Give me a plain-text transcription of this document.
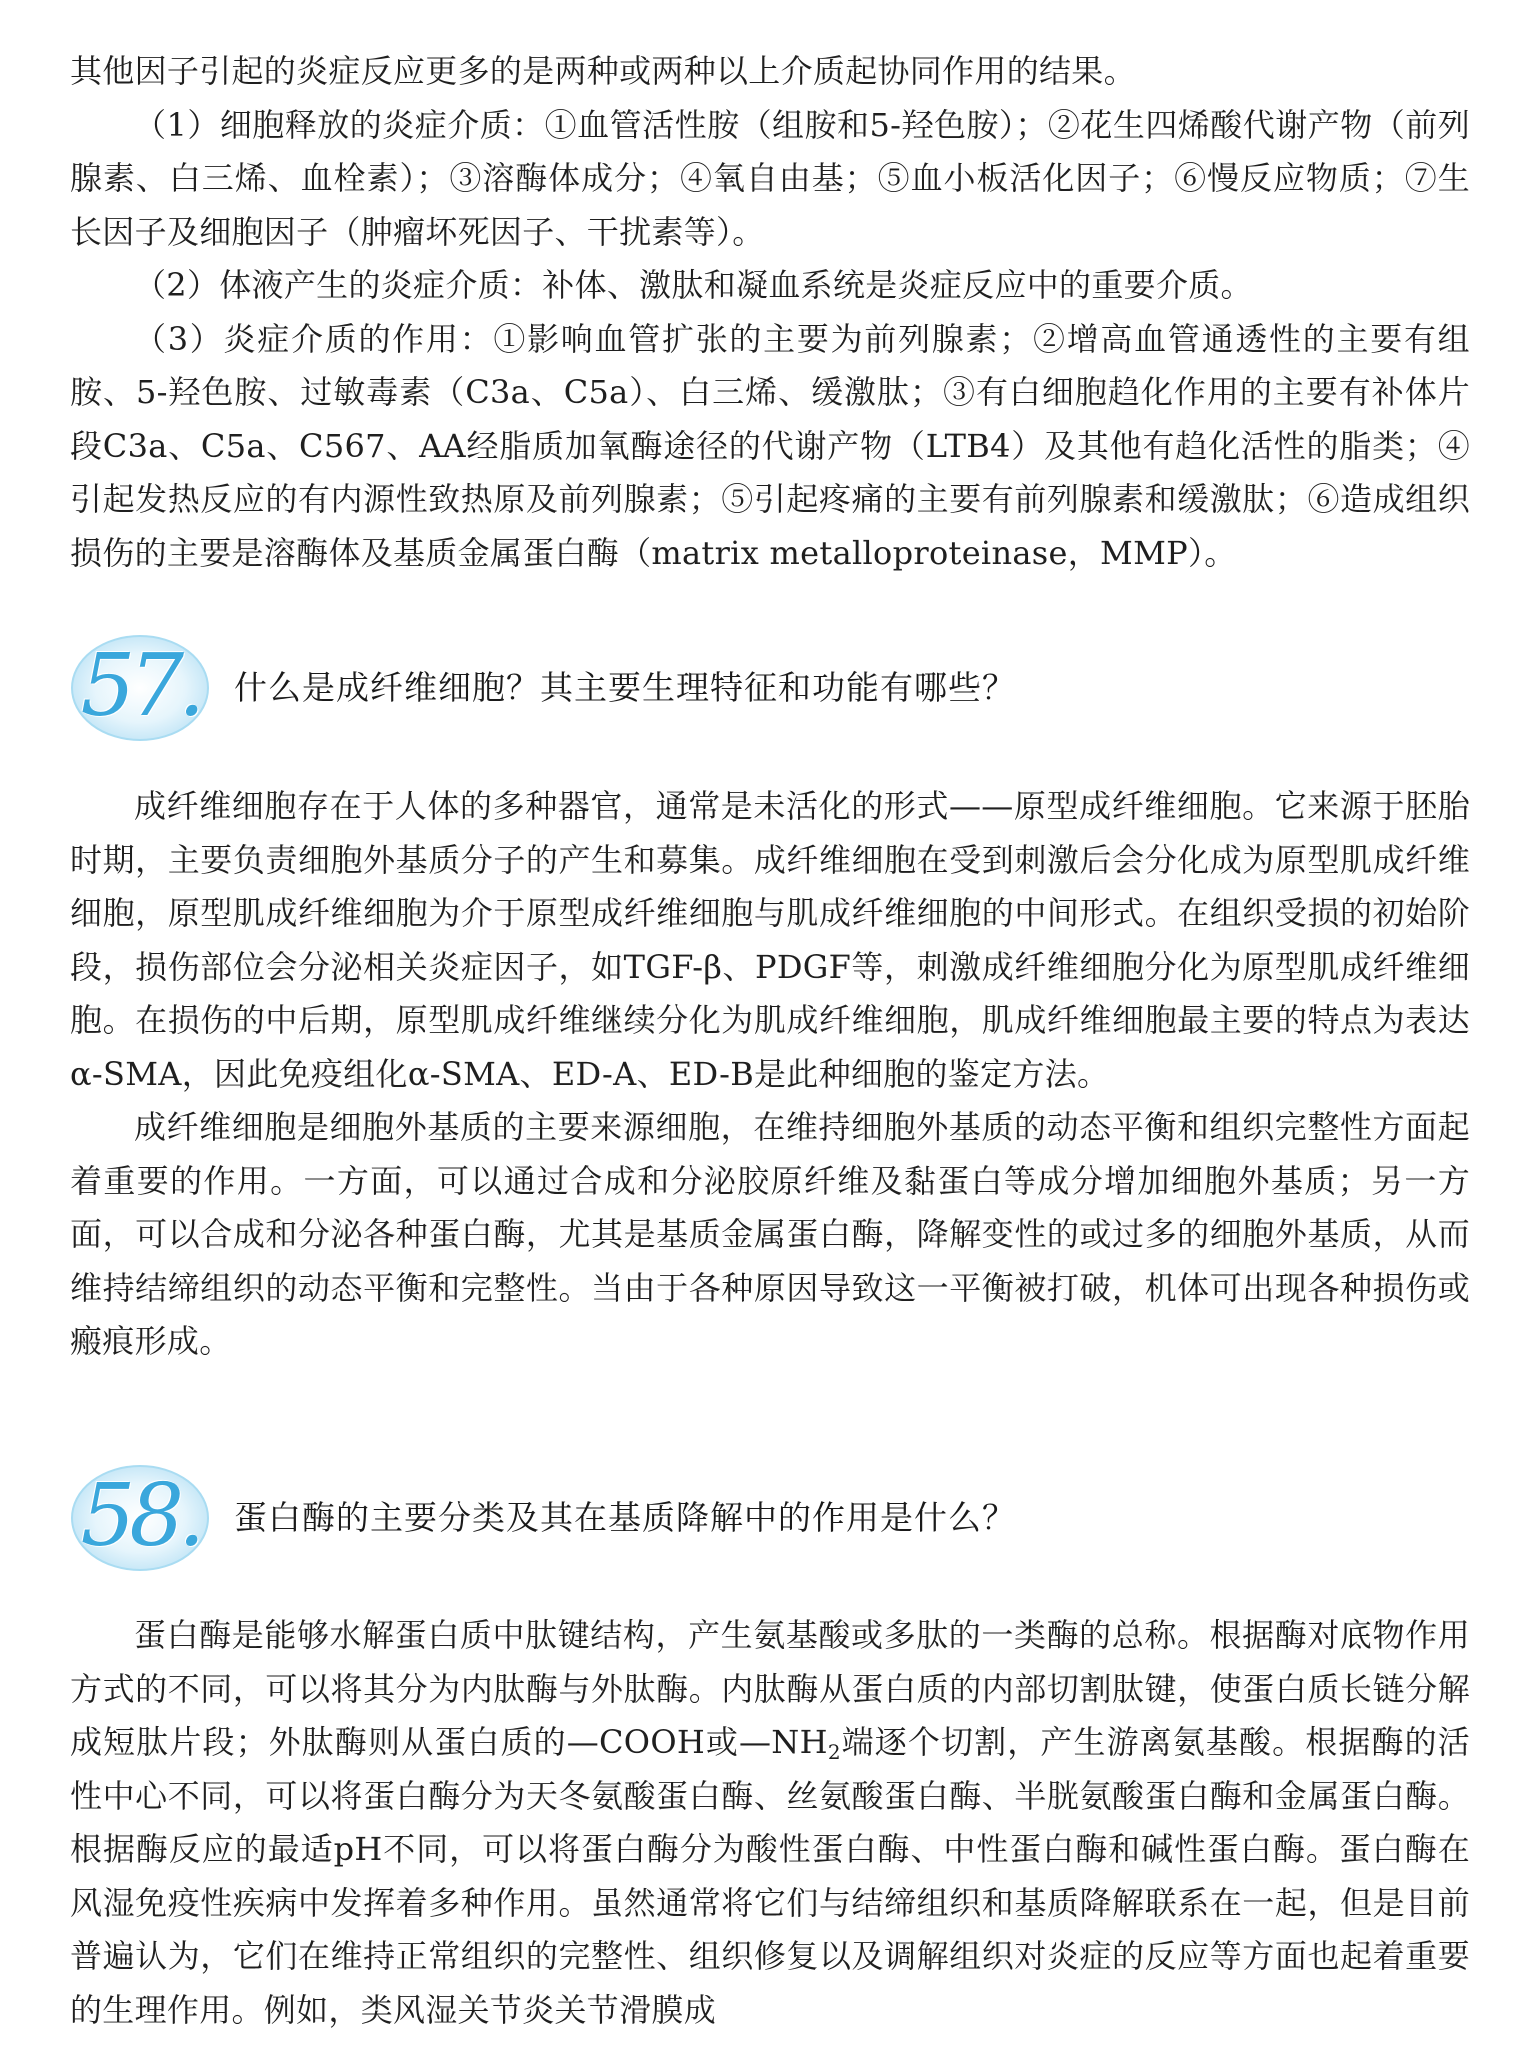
其他因子引起的炎症反应更多的是两种或两种以上介质起协同作用的结果。

（1）细胞释放的炎症介质：①血管活性胺（组胺和5-羟色胺）；②花生四烯酸代谢产物（前列腺素、白三烯、血栓素）；③溶酶体成分；④氧自由基；⑤血小板活化因子；⑥慢反应物质；⑦生长因子及细胞因子（肿瘤坏死因子、干扰素等）。

（2）体液产生的炎症介质：补体、激肽和凝血系统是炎症反应中的重要介质。

（3）炎症介质的作用：①影响血管扩张的主要为前列腺素；②增高血管通透性的主要有组胺、5-羟色胺、过敏毒素（C3a、C5a）、白三烯、缓激肽；③有白细胞趋化作用的主要有补体片段C3a、C5a、C567、AA经脂质加氧酶途径的代谢产物（LTB4）及其他有趋化活性的脂类；④引起发热反应的有内源性致热原及前列腺素；⑤引起疼痛的主要有前列腺素和缓激肽；⑥造成组织损伤的主要是溶酶体及基质金属蛋白酶（matrix metalloproteinase，MMP）。

57.	什么是成纤维细胞？其主要生理特征和功能有哪些？

成纤维细胞存在于人体的多种器官，通常是未活化的形式——原型成纤维细胞。它来源于胚胎时期，主要负责细胞外基质分子的产生和募集。成纤维细胞在受到刺激后会分化成为原型肌成纤维细胞，原型肌成纤维细胞为介于原型成纤维细胞与肌成纤维细胞的中间形式。在组织受损的初始阶段，损伤部位会分泌相关炎症因子，如TGF-β、PDGF等，刺激成纤维细胞分化为原型肌成纤维细胞。在损伤的中后期，原型肌成纤维继续分化为肌成纤维细胞，肌成纤维细胞最主要的特点为表达α-SMA，因此免疫组化α-SMA、ED-A、ED-B是此种细胞的鉴定方法。

成纤维细胞是细胞外基质的主要来源细胞，在维持细胞外基质的动态平衡和组织完整性方面起着重要的作用。一方面，可以通过合成和分泌胶原纤维及黏蛋白等成分增加细胞外基质；另一方面，可以合成和分泌各种蛋白酶，尤其是基质金属蛋白酶，降解变性的或过多的细胞外基质，从而维持结缔组织的动态平衡和完整性。当由于各种原因导致这一平衡被打破，机体可出现各种损伤或瘢痕形成。

58.	蛋白酶的主要分类及其在基质降解中的作用是什么？

蛋白酶是能够水解蛋白质中肽键结构，产生氨基酸或多肽的一类酶的总称。根据酶对底物作用方式的不同，可以将其分为内肽酶与外肽酶。内肽酶从蛋白质的内部切割肽键，使蛋白质长链分解成短肽片段；外肽酶则从蛋白质的—COOH或$—NH_2$端逐个切割，产生游离氨基酸。根据酶的活性中心不同，可以将蛋白酶分为天冬氨酸蛋白酶、丝氨酸蛋白酶、半胱氨酸蛋白酶和金属蛋白酶。根据酶反应的最适pH不同，可以将蛋白酶分为酸性蛋白酶、中性蛋白酶和碱性蛋白酶。蛋白酶在风湿免疫性疾病中发挥着多种作用。虽然通常将它们与结缔组织和基质降解联系在一起，但是目前普遍认为，它们在维持正常组织的完整性、组织修复以及调解组织对炎症的反应等方面也起着重要的生理作用。例如，类风湿关节炎关节滑膜成
